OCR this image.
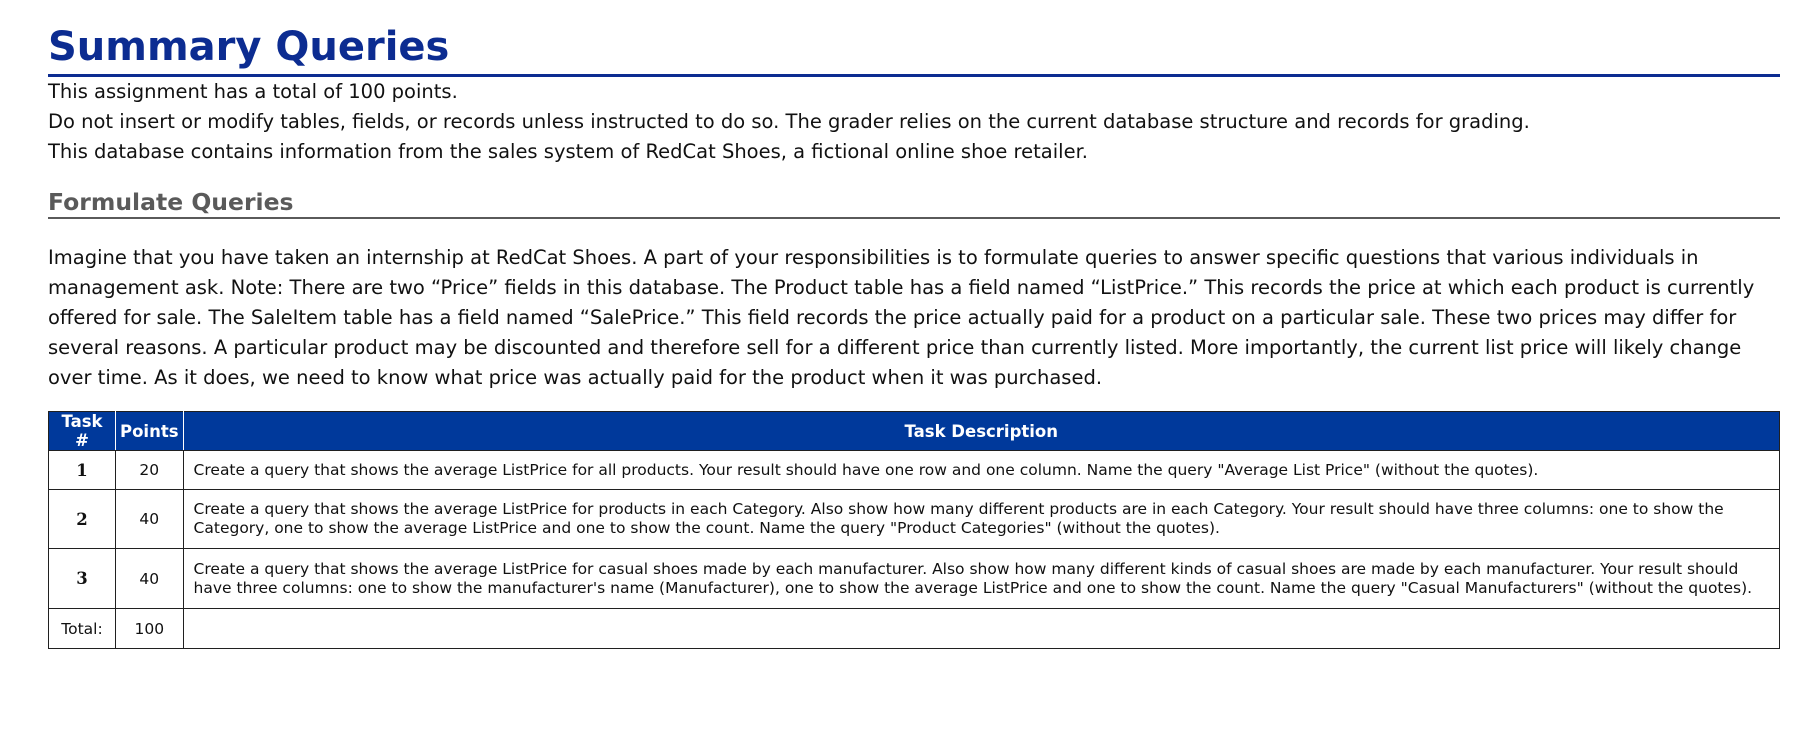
Summary Queries

This assignment has a total of 100 points.

Do not insert or modify tables, fields, or records unless instructed to do so. The grader relies on the current database structure and records for grading.

This database contains information from the sales system of RedCat Shoes, a fictional online shoe retailer.

Formulate Queries

Imagine that you have taken an internship at RedCat Shoes. A part of your responsibilities is to formulate queries to answer specific questions that various individuals in management ask. Note: There are two “Price” fields in this database. The Product table has a field named “ListPrice.” This records the price at which each product is currently offered for sale. The SaleItem table has a field named “SalePrice.” This field records the price actually paid for a product on a particular sale. These two prices may differ for several reasons. A particular product may be discounted and therefore sell for a different price than currently listed. More importantly, the current list price will likely change over time. As it does, we need to know what price was actually paid for the product when it was purchased.

Task #	Points	Task Description
1	20	Create a query that shows the average ListPrice for all products. Your result should have one row and one column. Name the query "Average List Price" (without the quotes).
2	40	Create a query that shows the average ListPrice for products in each Category. Also show how many different products are in each Category. Your result should have three columns: one to show the Category, one to show the average ListPrice and one to show the count. Name the query "Product Categories" (without the quotes).
3	40	Create a query that shows the average ListPrice for casual shoes made by each manufacturer. Also show how many different kinds of casual shoes are made by each manufacturer. Your result should have three columns: one to show the manufacturer's name (Manufacturer), one to show the average ListPrice and one to show the count. Name the query "Casual Manufacturers" (without the quotes).
Total:	100	
